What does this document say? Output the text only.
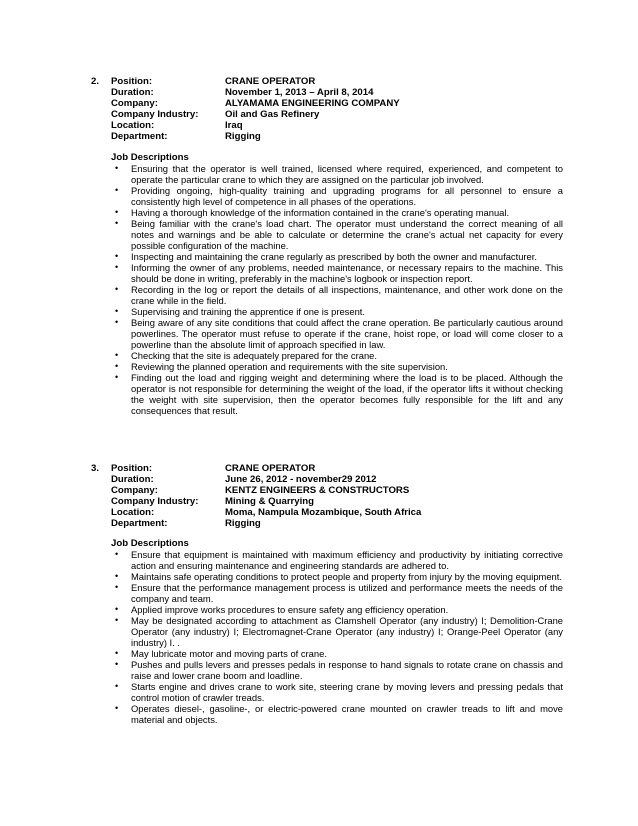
2. Position:	CRANE OPERATOR
Duration:	November 1, 2013 – April 8, 2014
Company:	ALYAMAMA ENGINEERING COMPANY
Company Industry:	Oil and Gas Refinery
Location:	Iraq
Department:	Rigging
Job Descriptions
• Ensuring that the operator is well trained, licensed where required, experienced, and competent to operate the particular crane to which they are assigned on the particular job involved.
• Providing ongoing, high-quality training and upgrading programs for all personnel to ensure a consistently high level of competence in all phases of the operations.
• Having a thorough knowledge of the information contained in the crane's operating manual.
• Being familiar with the crane's load chart. The operator must understand the correct meaning of all notes and warnings and be able to calculate or determine the crane's actual net capacity for every possible configuration of the machine.
• Inspecting and maintaining the crane regularly as prescribed by both the owner and manufacturer.
• Informing the owner of any problems, needed maintenance, or necessary repairs to the machine. This should be done in writing, preferably in the machine's logbook or inspection report.
• Recording in the log or report the details of all inspections, maintenance, and other work done on the crane while in the field.
• Supervising and training the apprentice if one is present.
• Being aware of any site conditions that could affect the crane operation. Be particularly cautious around powerlines. The operator must refuse to operate if the crane, hoist rope, or load will come closer to a powerline than the absolute limit of approach specified in law.
• Checking that the site is adequately prepared for the crane.
• Reviewing the planned operation and requirements with the site supervision.
• Finding out the load and rigging weight and determining where the load is to be placed. Although the operator is not responsible for determining the weight of the load, if the operator lifts it without checking the weight with site supervision, then the operator becomes fully responsible for the lift and any consequences that result.
3. Position:	CRANE OPERATOR
Duration:	June 26, 2012 - november29 2012
Company:	KENTZ ENGINEERS & CONSTRUCTORS
Company Industry:	Mining & Quarrying
Location:	Moma, Nampula Mozambique, South Africa
Department:	Rigging
Job Descriptions
• Ensure that equipment is maintained with maximum efficiency and productivity by initiating corrective action and ensuring maintenance and engineering standards are adhered to.
• Maintains safe operating conditions to protect people and property from injury by the moving equipment.
• Ensure that the performance management process is utilized and performance meets the needs of the company and team.
• Applied improve works procedures to ensure safety ang efficiency operation.
• May be designated according to attachment as Clamshell Operator (any industry) I; Demolition-Crane Operator (any industry) I; Electromagnet-Crane Operator (any industry) I; Orange-Peel Operator (any industry) I. .
• May lubricate motor and moving parts of crane.
• Pushes and pulls levers and presses pedals in response to hand signals to rotate crane on chassis and raise and lower crane boom and loadline.
• Starts engine and drives crane to work site, steering crane by moving levers and pressing pedals that control motion of crawler treads.
• Operates diesel-, gasoline-, or electric-powered crane mounted on crawler treads to lift and move material and objects.
